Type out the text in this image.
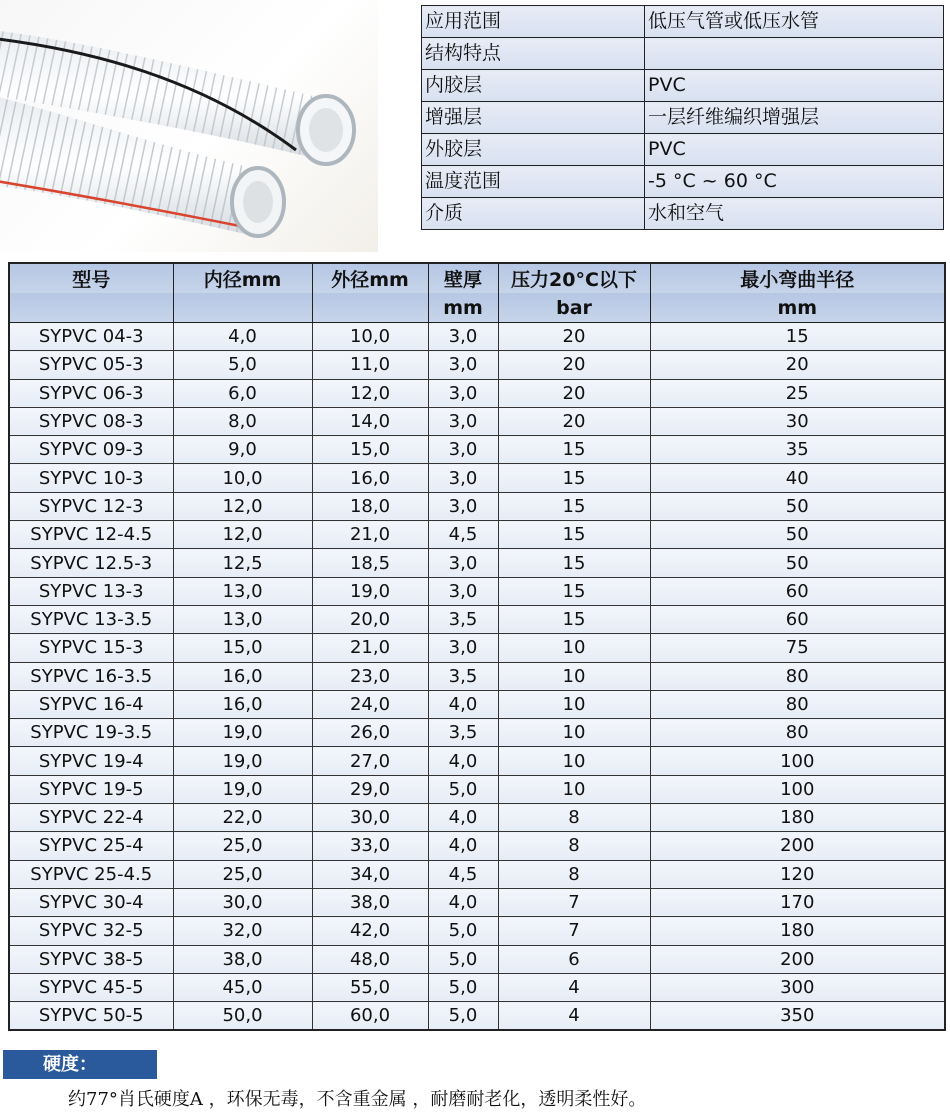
应用范围	低压气管或低压水管
结构特点	
内胶层	PVC
增强层	一层纤维编织增强层
外胶层	PVC
温度范围	-5 °C ~ 60 °C
介质	水和空气
型号	内径mm	外径mm	壁厚	压力20°C以下	最小弯曲半径
			mm	bar	mm
SYPVC 04-3	4,0	10,0	3,0	20	15
SYPVC 05-3	5,0	11,0	3,0	20	20
SYPVC 06-3	6,0	12,0	3,0	20	25
SYPVC 08-3	8,0	14,0	3,0	20	30
SYPVC 09-3	9,0	15,0	3,0	15	35
SYPVC 10-3	10,0	16,0	3,0	15	40
SYPVC 12-3	12,0	18,0	3,0	15	50
SYPVC 12-4.5	12,0	21,0	4,5	15	50
SYPVC 12.5-3	12,5	18,5	3,0	15	50
SYPVC 13-3	13,0	19,0	3,0	15	60
SYPVC 13-3.5	13,0	20,0	3,5	15	60
SYPVC 15-3	15,0	21,0	3,0	10	75
SYPVC 16-3.5	16,0	23,0	3,5	10	80
SYPVC 16-4	16,0	24,0	4,0	10	80
SYPVC 19-3.5	19,0	26,0	3,5	10	80
SYPVC 19-4	19,0	27,0	4,0	10	100
SYPVC 19-5	19,0	29,0	5,0	10	100
SYPVC 22-4	22,0	30,0	4,0	8	180
SYPVC 25-4	25,0	33,0	4,0	8	200
SYPVC 25-4.5	25,0	34,0	4,5	8	120
SYPVC 30-4	30,0	38,0	4,0	7	170
SYPVC 32-5	32,0	42,0	5,0	7	180
SYPVC 38-5	38,0	48,0	5,0	6	200
SYPVC 45-5	45,0	55,0	5,0	4	300
SYPVC 50-5	50,0	60,0	5,0	4	350
硬度：
约77°肖氏硬度A ，环保无毒，不含重金属 ，耐磨耐老化，透明柔性好。
